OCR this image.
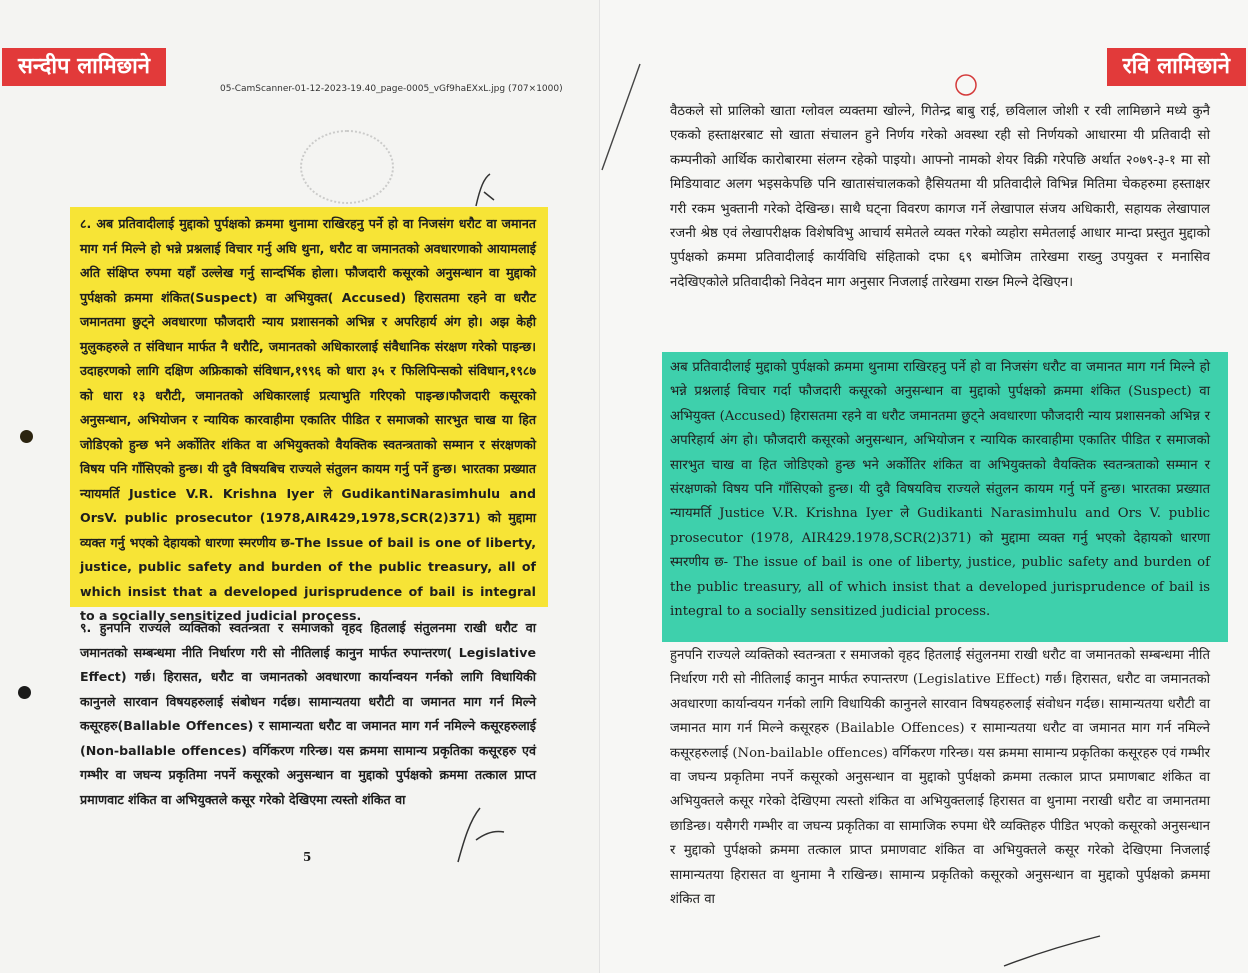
05-CamScanner-01-12-2023-19.40_page-0005_vGf9haEXxL.jpg (707×1000)

८. अब प्रतिवादीलाई मुद्दाको पुर्पक्षको क्रममा थुनामा राखिरहनु पर्ने हो वा निजसंग धरौट वा जमानत माग गर्न मिल्ने हो भन्ने प्रश्नलाई विचार गर्नु अघि थुना, धरौट वा जमानतको अवधारणाको आयामलाई अति संक्षिप्त रुपमा यहाँ उल्लेख गर्नु सान्दर्भिक होला। फौजदारी कसूरको अनुसन्धान वा मुद्दाको पुर्पक्षको क्रममा शंकित(Suspect) वा अभियुक्त( Accused) हिरासतमा रहने वा धरौट जमानतमा छुट्ने अवधारणा फौजदारी न्याय प्रशासनको अभिन्न र अपरिहार्य अंग हो। अझ केही मुलुकहरुले त संविधान मार्फत नै धरौटि, जमानतको अधिकारलाई संवैधानिक संरक्षण गरेको पाइन्छ।उदाहरणको लागि दक्षिण अफ्रिकाको संविधान,१९९६ को धारा ३५ र फिलिपिन्सको संविधान,१९८७ को धारा १३ धरौटी, जमानतको अधिकारलाई प्रत्याभुति गरिएको पाइन्छ।फौजदारी कसूरको अनुसन्धान, अभियोजन र न्यायिक कारवाहीमा एकातिर पीडित र समाजको सारभुत चाख या हित जोडिएको हुन्छ भने अर्कोतिर शंकित वा अभियुक्तको वैयक्तिक स्वतन्त्रताको सम्मान र संरक्षणको विषय पनि गाँसिएको हुन्छ। यी दुवै विषयबिच राज्यले संतुलन कायम गर्नु पर्ने हुन्छ। भारतका प्रख्यात न्यायमर्ति Justice V.R. Krishna Iyer ले GudikantiNarasimhulu and OrsV. public prosecutor (1978,AIR429,1978,SCR(2)371) को मुद्दामा व्यक्त गर्नु भएको देहायको धारणा स्मरणीय छ-The Issue of bail is one of liberty, justice, public safety and burden of the public treasury, all of which insist that a developed jurisprudence of bail is integral to a socially sensitized judicial process.

९. हुनपनि राज्यले व्यक्तिको स्वतन्त्रता र समाजको वृहद हितलाई संतुलनमा राखी धरौट वा जमानतको सम्बन्धमा नीति निर्धारण गरी सो नीतिलाई कानुन मार्फत रुपान्तरण( Legislative Effect) गर्छ। हिरासत, धरौट वा जमानतको अवधारणा कार्यान्वयन गर्नको लागि विधायिकी कानुनले सारवान विषयहरुलाई संबोधन गर्दछ। सामान्यतया धरौटी वा जमानत माग गर्न मिल्ने कसूरहरु(Ballable Offences) र सामान्यता धरौट वा जमानत माग गर्न नमिल्ने कसूरहरुलाई (Non-ballable offences) वर्गिकरण गरिन्छ। यस क्रममा सामान्य प्रकृतिका कसूरहरु एवं गम्भीर वा जघन्य प्रकृतिमा नपर्ने कसूरको अनुसन्धान वा मुद्दाको पुर्पक्षको क्रममा तत्काल प्राप्त प्रमाणवाट शंकित वा अभियुक्तले कसूर गरेको देखिएमा त्यस्तो शंकित वा

5

वैठकले सो प्रालिको खाता ग्लोवल व्यक्तमा खोल्ने, गितेन्द्र बाबु राई, छविलाल जोशी र रवी लामिछाने मध्ये कुनै एकको हस्ताक्षरबाट सो खाता संचालन हुने निर्णय गरेको अवस्था रही सो निर्णयको आधारमा यी प्रतिवादी सो कम्पनीको आर्थिक कारोबारमा संलग्न रहेको पाइयो। आफ्नो नामको शेयर विक्री गरेपछि अर्थात २०७९-३-१ मा सो मिडियावाट अलग भइसकेपछि पनि खातासंचालकको हैसियतमा यी प्रतिवादीले विभिन्न मितिमा चेकहरुमा हस्ताक्षर गरी रकम भुक्तानी गरेको देखिन्छ। साथै घट्ना विवरण कागज गर्ने लेखापाल संजय अधिकारी, सहायक लेखापाल रजनी श्रेष्ठ एवं लेखापरीक्षक विशेषविभु आचार्य समेतले व्यक्त गरेको व्यहोरा समेतलाई आधार मान्दा प्रस्तुत मुद्दाको पुर्पक्षको क्रममा प्रतिवादीलाई कार्यविधि संहिताको दफा ६९ बमोजिम तारेखमा राख्नु उपयुक्त र मनासिव नदेखिएकोले प्रतिवादीको निवेदन माग अनुसार निजलाई तारेखमा राख्न मिल्ने देखिएन।

अब प्रतिवादीलाई मुद्दाको पुर्पक्षको क्रममा थुनामा राखिरहनु पर्ने हो वा निजसंग धरौट वा जमानत माग गर्न मिल्ने हो भन्ने प्रश्नलाई विचार गर्दा फौजदारी कसूरको अनुसन्धान वा मुद्दाको पुर्पक्षको क्रममा शंकित (Suspect) वा अभियुक्त (Accused) हिरासतमा रहने वा धरौट जमानतमा छुट्ने अवधारणा फौजदारी न्याय प्रशासनको अभिन्न र अपरिहार्य अंग हो। फौजदारी कसूरको अनुसन्धान, अभियोजन र न्यायिक कारवाहीमा एकातिर पीडित र समाजको सारभुत चाख वा हित जोडिएको हुन्छ भने अर्कोतिर शंकित वा अभियुक्तको वैयक्तिक स्वतन्त्रताको सम्मान र संरक्षणको विषय पनि गाँसिएको हुन्छ। यी दुवै विषयविच राज्यले संतुलन कायम गर्नु पर्ने हुन्छ। भारतका प्रख्यात न्यायमर्ति Justice V.R. Krishna Iyer ले Gudikanti Narasimhulu and Ors V. public prosecutor (1978, AIR429.1978,SCR(2)371) को मुद्दामा व्यक्त गर्नु भएको देहायको धारणा स्मरणीय छ- The issue of bail is one of liberty, justice, public safety and burden of the public treasury, all of which insist that a developed jurisprudence of bail is integral to a socially sensitized judicial process.

हुनपनि राज्यले व्यक्तिको स्वतन्त्रता र समाजको वृहद हितलाई संतुलनमा राखी धरौट वा जमानतको सम्बन्धमा नीति निर्धारण गरी सो नीतिलाई कानुन मार्फत रुपान्तरण (Legislative Effect) गर्छ। हिरासत, धरौट वा जमानतको अवधारणा कार्यान्वयन गर्नको लागि विधायिकी कानुनले सारवान विषयहरुलाई संवोधन गर्दछ। सामान्यतया धरौटी वा जमानत माग गर्न मिल्ने कसूरहरु (Bailable Offences) र सामान्यतया धरौट वा जमानत माग गर्न नमिल्ने कसूरहरुलाई (Non-bailable offences) वर्गिकरण गरिन्छ। यस क्रममा सामान्य प्रकृतिका कसूरहरु एवं गम्भीर वा जघन्य प्रकृतिमा नपर्ने कसूरको अनुसन्धान वा मुद्दाको पुर्पक्षको क्रममा तत्काल प्राप्त प्रमाणबाट शंकित वा अभियुक्तले कसूर गरेको देखिएमा त्यस्तो शंकित वा अभियुक्तलाई हिरासत वा थुनामा नराखी धरौट वा जमानतमा छाडिन्छ। यसैगरी गम्भीर वा जघन्य प्रकृतिका वा सामाजिक रुपमा धेरै व्यक्तिहरु पीडित भएको कसूरको अनुसन्धान र मुद्दाको पुर्पक्षको क्रममा तत्काल प्राप्त प्रमाणवाट शंकित वा अभियुक्तले कसूर गरेको देखिएमा निजलाई सामान्यतया हिरासत वा थुनामा नै राखिन्छ। सामान्य प्रकृतिको कसूरको अनुसन्धान वा मुद्दाको पुर्पक्षको क्रममा शंकित वा

सन्दीप लामिछाने	रवि लामिछाने
